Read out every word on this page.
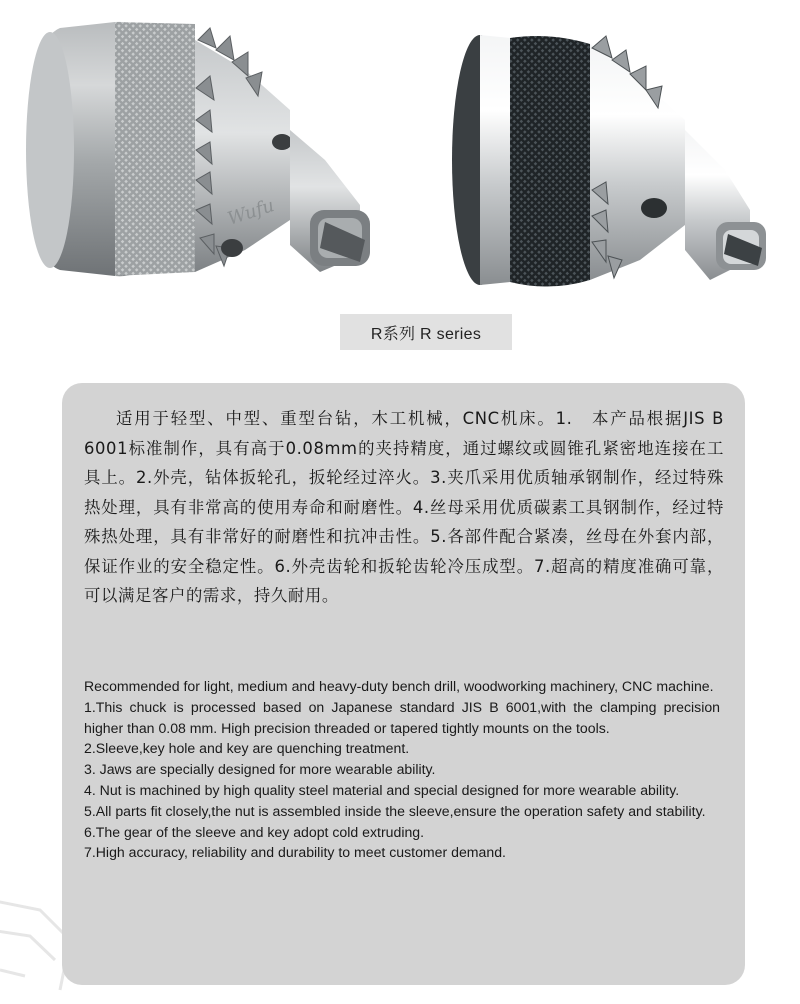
Wufu
R系列 R series

适用于轻型、中型、重型台钻，木工机械，CNC机床。1.　本产品根据JIS B 6001标准制作，具有高于0.08mm的夹持精度，通过螺纹或圆锥孔紧密地连接在工具上。2.外壳，钻体扳轮孔，扳轮经过淬火。3.夹爪采用优质轴承钢制作，经过特殊热处理，具有非常高的使用寿命和耐磨性。4.丝母采用优质碳素工具钢制作，经过特殊热处理，具有非常好的耐磨性和抗冲击性。5.各部件配合紧凑，丝母在外套内部，保证作业的安全稳定性。6.外壳齿轮和扳轮齿轮冷压成型。7.超高的精度准确可靠，可以满足客户的需求，持久耐用。

Recommended for light, medium and heavy-duty bench drill, woodworking machinery, CNC machine.

1.This chuck is processed based on Japanese standard JIS B 6001,with the clamping precision higher than 0.08 mm. High precision threaded or tapered tightly mounts on the tools.

2.Sleeve,key hole and key are quenching treatment.

3. Jaws are specially designed for more wearable ability.

4. Nut is machined by high quality steel material and special designed for more wearable ability.

5.All parts fit closely,the nut is assembled inside the sleeve,ensure the operation safety and stability.

6.The gear of the sleeve and key adopt cold extruding.

7.High accuracy, reliability and durability to meet customer demand.
